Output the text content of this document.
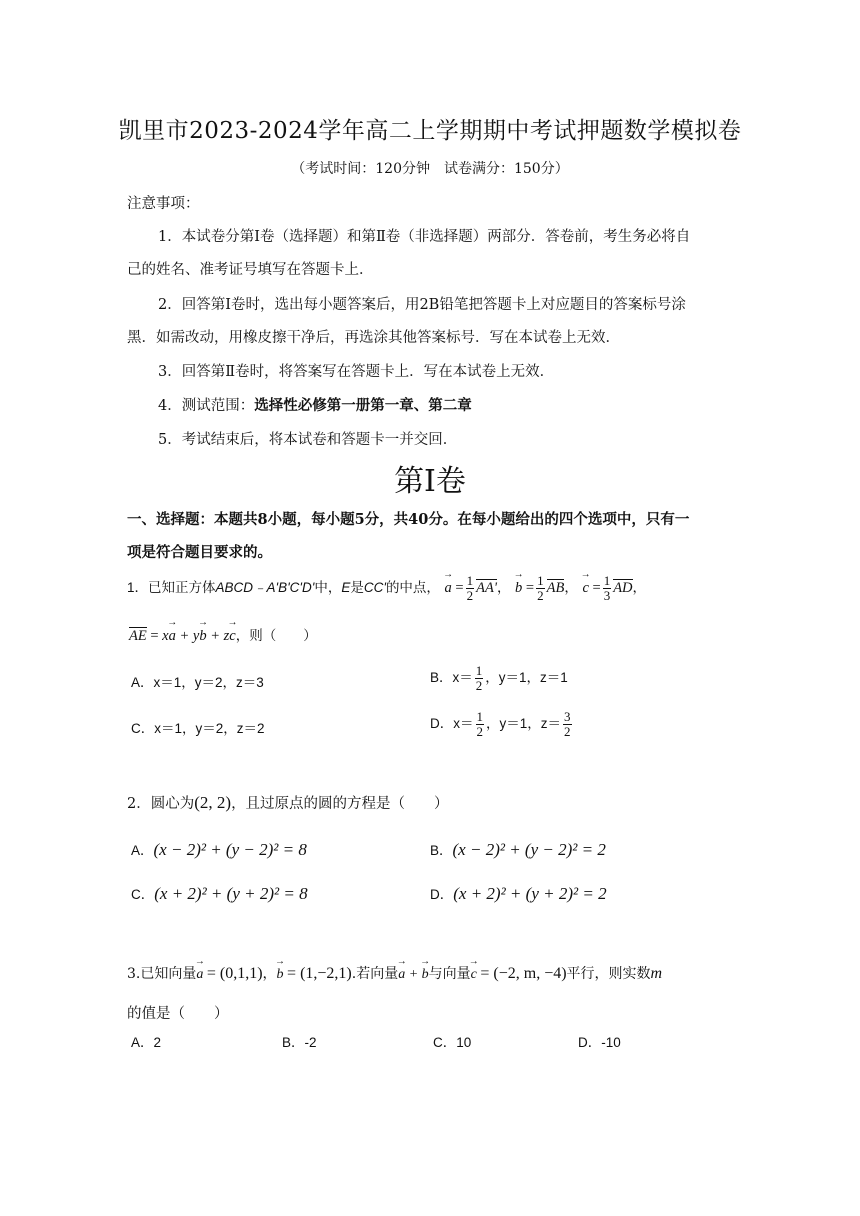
凯里市2023-2024学年高二上学期期中考试押题数学模拟卷
（考试时间：120分钟　试卷满分：150分）
注意事项：
1．本试卷分第Ⅰ卷（选择题）和第Ⅱ卷（非选择题）两部分．答卷前，考生务必将自
己的姓名、准考证号填写在答题卡上．
2．回答第Ⅰ卷时，选出每小题答案后，用2B铅笔把答题卡上对应题目的答案标号涂
黑．如需改动，用橡皮擦干净后，再选涂其他答案标号．写在本试卷上无效．
3．回答第Ⅱ卷时，将答案写在答题卡上．写在本试卷上无效．
4．测试范围：选择性必修第一册第一章、第二章
5．考试结束后，将本试卷和答题卡一并交回．
第Ⅰ卷
一、选择题：本题共8小题，每小题5分，共40分。在每小题给出的四个选项中，只有一
项是符合题目要求的。
1．已知正方体ABCD﹣A'B'C'D'中，E是CC'的中点， → $a = \frac{1}{2} AA'$， → $b = \frac{1}{2}$ AB， → $c = \frac{1}{3}$ AD，
AE = x→ a + y→ b + z→ c，则（　　）
A．x＝1，y＝2，z＝3	B．$x= \frac{1}{2}$ ，y＝1，z＝1
C．x＝1，y＝2，z＝2	D．$x= \frac{1}{2}$ ，y＝1，$z= \frac{3}{2}$
2．圆心为(2, 2)，且过原点的圆的方程是（　　）
A．(x − 2)² + (y − 2)² = 8	B．(x − 2)² + (y − 2)² = 2
C．(x + 2)² + (y + 2)² = 8	D．(x + 2)² + (y + 2)² = 2
3.已知向量→ a = (0,1,1)，→ b = (1,−2,1).若向量→ a + → b与向量→ c = (−2, m, −4)平行，则实数m
的值是（　　）
A．2	B．-2	C．10	D．-10
